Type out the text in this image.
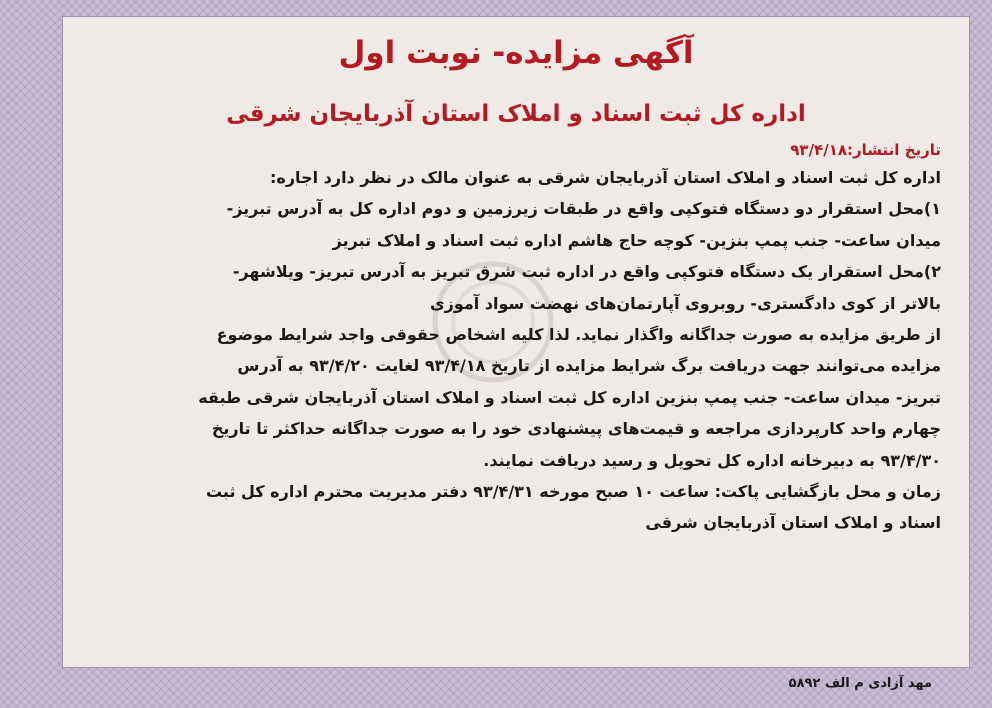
آگهی مزایده- نوبت اول
اداره کل ثبت اسناد و املاک استان آذربایجان شرقی
تاریخ انتشار:۹۳/۴/۱۸
اداره کل ثبت اسناد و املاک استان آذربایجان شرقی به عنوان مالک در نظر دارد اجاره:
۱)محل استقرار دو دستگاه فتوکپی واقع در طبقات زیرزمین و دوم اداره کل به آدرس تبریز-
میدان ساعت- جنب پمپ بنزین- کوچه حاج هاشم اداره ثبت اسناد و املاک تبریز
۲)محل استقرار یک دستگاه فتوکپی واقع در اداره ثبت شرق تبریز به آدرس تبریز- ویلاشهر-
بالاتر از کوی دادگستری- روبروی آپارتمان‌های نهضت سواد آموزی
از طریق مزایده به صورت جداگانه واگذار نماید. لذا کلیه اشخاص حقوقی واجد شرایط موضوع
مزایده می‌توانند جهت دریافت برگ شرایط مزایده از تاریخ ۹۳/۴/۱۸ لغایت ۹۳/۴/۲۰ به آدرس
تبریز- میدان ساعت- جنب پمپ بنزین اداره کل ثبت اسناد و املاک استان آذربایجان شرقی طبقه
چهارم واحد کارپردازی مراجعه و قیمت‌های پیشنهادی خود را به صورت جداگانه حداکثر تا تاریخ
۹۳/۴/۳۰ به دبیرخانه اداره کل تحویل و رسید دریافت نمایند.
زمان و محل بازگشایی پاکت: ساعت ۱۰ صبح مورخه ۹۳/۴/۳۱ دفتر مدیریت محترم اداره کل ثبت
اسناد و املاک استان آذربایجان شرقی
مهد آزادی م الف ۵۸۹۲
